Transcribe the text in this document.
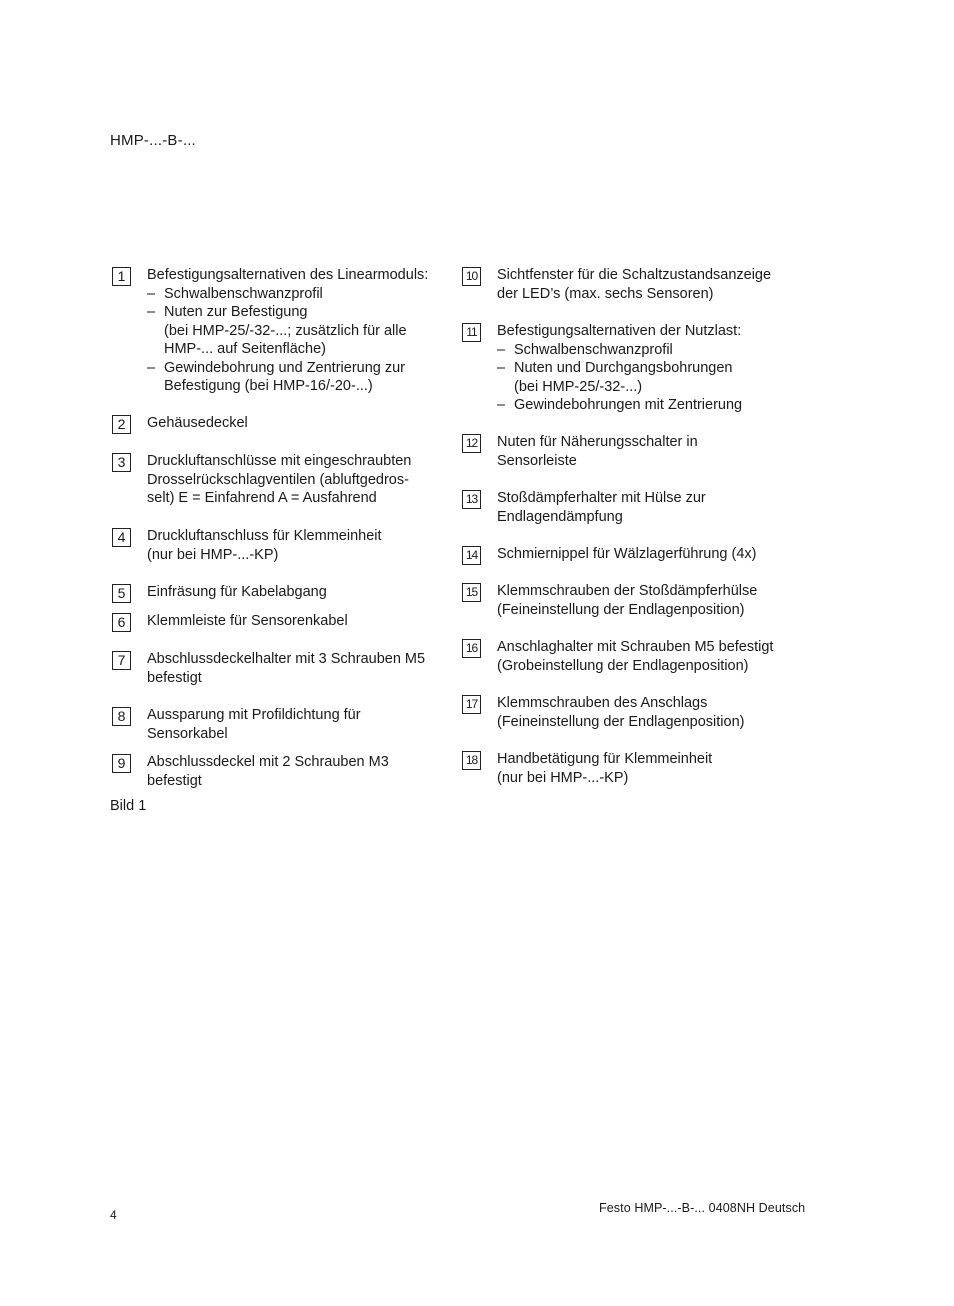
HMP-...-B-...
1	Befestigungsalternativen des Linearmoduls:
– Schwalbenschwanzprofil
– Nuten zur Befestigung
(bei HMP-25/-32-...; zusätzlich für alle
HMP-... auf Seitenfläche)
– Gewindebohrung und Zentrierung zur
Befestigung (bei HMP-16/-20-...)
2	Gehäusedeckel
3	Druckluftanschlüsse mit eingeschraubten
Drosselrückschlagventilen (abluftgedros-
selt) E = Einfahrend A = Ausfahrend
4	Druckluftanschluss für Klemmeinheit
(nur bei HMP-...-KP)
5	Einfräsung für Kabelabgang
6	Klemmleiste für Sensorenkabel
7	Abschlussdeckelhalter mit 3 Schrauben M5
befestigt
8	Aussparung mit Profildichtung für
Sensorkabel
9	Abschlussdeckel mit 2 Schrauben M3
befestigt
10 Sichtfenster für die Schaltzustandsanzeige
der LED’s (max. sechs Sensoren)
11 Befestigungsalternativen der Nutzlast:
– Schwalbenschwanzprofil
– Nuten und Durchgangsbohrungen
(bei HMP-25/-32-...)
– Gewindebohrungen mit Zentrierung
12 Nuten für Näherungsschalter in
Sensorleiste
13 Stoßdämpferhalter mit Hülse zur
Endlagendämpfung
14 Schmiernippel für Wälzlagerführung (4x)
15 Klemmschrauben der Stoßdämpferhülse
(Feineinstellung der Endlagenposition)
16 Anschlaghalter mit Schrauben M5 befestigt
(Grobeinstellung der Endlagenposition)
17 Klemmschrauben des Anschlags
(Feineinstellung der Endlagenposition)
18 Handbetätigung für Klemmeinheit
(nur bei HMP-...-KP)
Bild 1
4	Festo HMP-...-B-... 0408NH Deutsch
